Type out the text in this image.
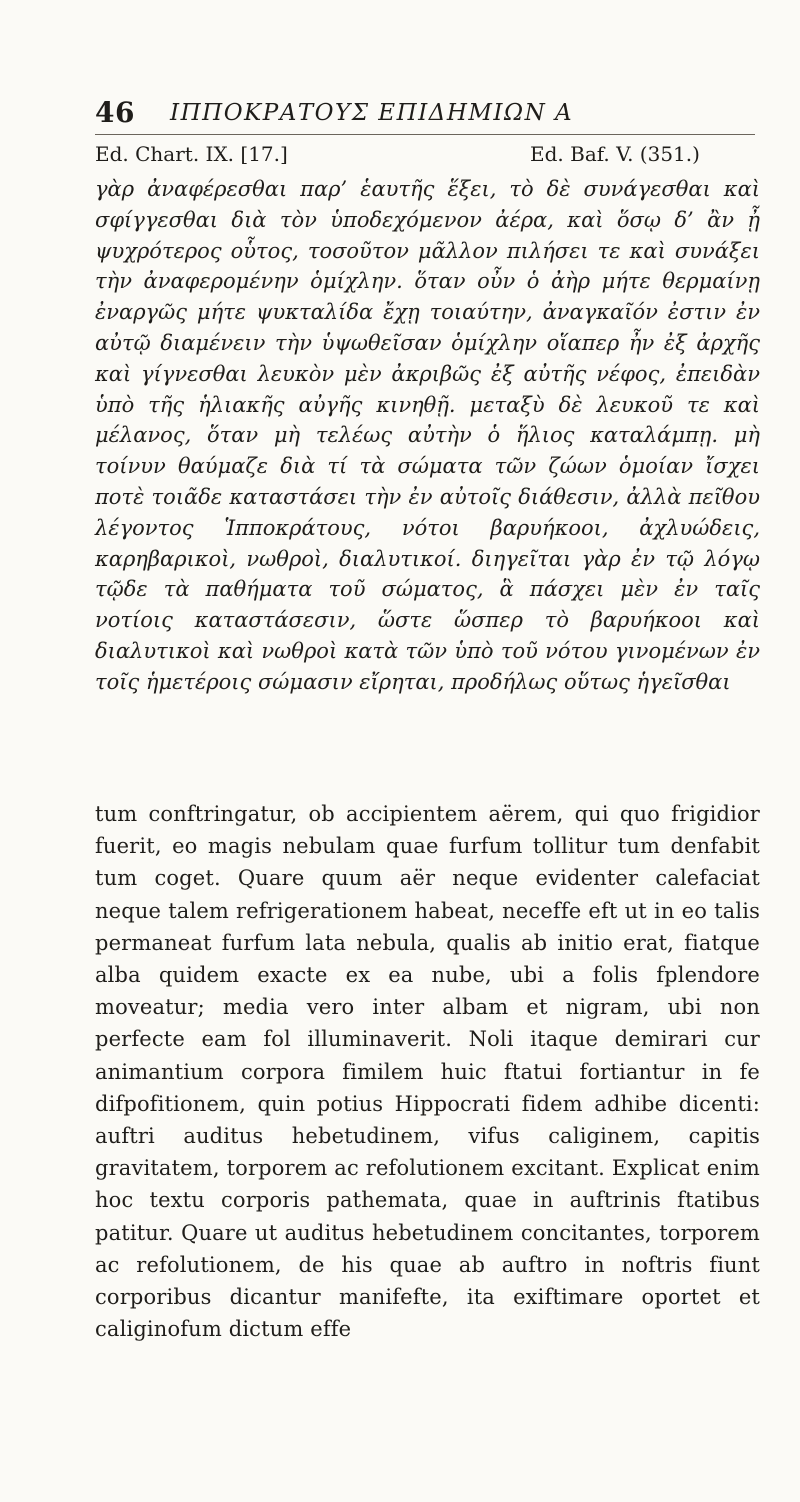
46 ΙΠΠΟΚΡΑΤΟΥΣ ΕΠΙΔΗΜΙΩΝ Α
Ed. Chart. IX. [17.]	Ed. Baf. V. (351.)

γὰρ ἀναφέρεσθαι παρ’ ἑαυτῆς ἕξει, τὸ δὲ συνάγεσθαι καὶ σφίγγεσθαι διὰ τὸν ὑποδεχόμενον ἀέρα, καὶ ὅσῳ δ’ ἂν ᾖ ψυχρότερος οὗτος, τοσοῦτον μᾶλλον πιλήσει τε καὶ συνάξει τὴν ἀναφερομένην ὁμίχλην. ὅταν οὖν ὁ ἀὴρ μήτε θερμαίνῃ ἐναργῶς μήτε ψυκταλίδα ἔχῃ τοιαύτην, ἀναγκαῖόν ἐστιν ἐν αὐτῷ διαμένειν τὴν ὑψωθεῖσαν ὁμίχλην οἵαπερ ἦν ἐξ ἀρχῆς καὶ γίγνεσθαι λευκὸν μὲν ἀκριβῶς ἐξ αὐτῆς νέφος, ἐπειδὰν ὑπὸ τῆς ἡλιακῆς αὐγῆς κινηθῇ. μεταξὺ δὲ λευκοῦ τε καὶ μέλανος, ὅταν μὴ τελέως αὐτὴν ὁ ἥλιος καταλάμπῃ. μὴ τοίνυν θαύμαζε διὰ τί τὰ σώματα τῶν ζώων ὁμοίαν ἴσχει ποτὲ τοιᾶδε καταστάσει τὴν ἐν αὐτοῖς διάθεσιν, ἀλλὰ πεῖθου λέγοντος Ἱπποκράτους, νότοι βαρυήκοοι, ἀχλυώδεις, καρηβαρικοὶ, νωθροὶ, διαλυτικοί. διηγεῖται γὰρ ἐν τῷ λόγῳ τῷδε τὰ παθήματα τοῦ σώματος, ἃ πάσχει μὲν ἐν ταῖς νοτίοις καταστάσεσιν, ὥστε ὥσπερ τὸ βαρυήκοοι καὶ διαλυτικοὶ καὶ νωθροὶ κατὰ τῶν ὑπὸ τοῦ νότου γινομένων ἐν τοῖς ἡμετέροις σώμασιν εἴρηται, προδήλως οὕτως ἡγεῖσθαι

tum conftringatur, ob accipientem aërem, qui quo frigidior fuerit, eo magis nebulam quae furfum tollitur tum denfabit tum coget. Quare quum aër neque evidenter calefaciat neque talem refrigerationem habeat, neceffe eft ut in eo talis permaneat furfum lata nebula, qualis ab initio erat, fiatque alba quidem exacte ex ea nube, ubi a folis fplendore moveatur; media vero inter albam et nigram, ubi non perfecte eam fol illuminaverit. Noli itaque demirari cur animantium corpora fimilem huic ftatui fortiantur in fe difpofitionem, quin potius Hippocrati fidem adhibe dicenti: auftri auditus hebetudinem, vifus caliginem, capitis gravitatem, torporem ac refolutionem excitant. Explicat enim hoc textu corporis pathemata, quae in auftrinis ftatibus patitur. Quare ut auditus hebetudinem concitantes, torporem ac refolutionem, de his quae ab auftro in noftris fiunt corporibus dicantur manifefte, ita exiftimare oportet et caliginofum dictum effe
